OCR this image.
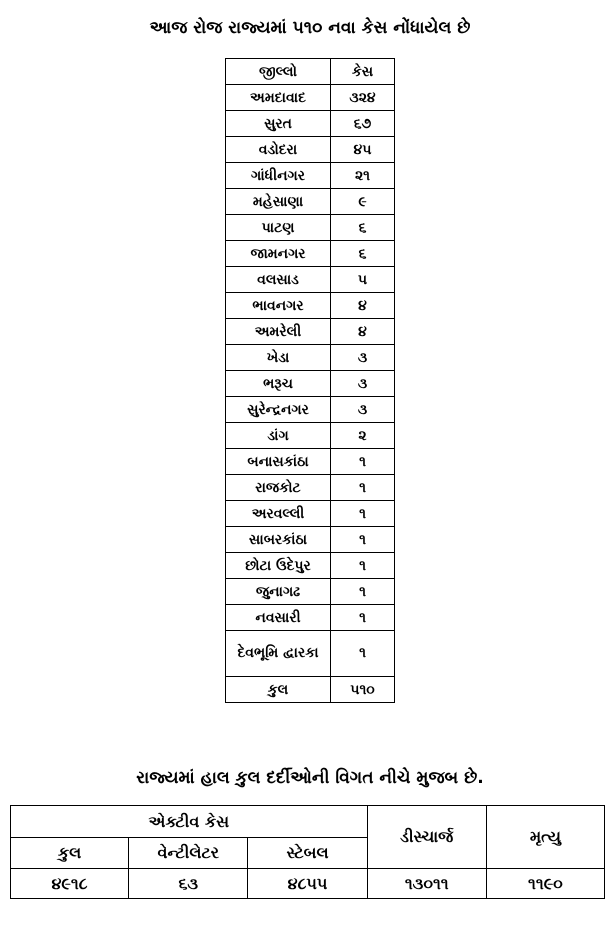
આજ રોજ રાજ્યમાં ૫૧૦ નવા કેસ નોંધાયેલ છે
જીલ્લો	કેસ
અમદાવાદ	૩૨૪
સુરત	૬૭
વડોદરા	૪૫
ગાંધીનગર	૨૧
મહેસાણા	૯
પાટણ	૬
જામનગર	૬
વલસાડ	૫
ભાવનગર	૪
અમરેલી	૪
ખેડા	૩
ભરૂચ	૩
સુરેન્દ્રનગર	૩
ડાંગ	૨
બનાસકાંઠા	૧
રાજકોટ	૧
અરવલ્લી	૧
સાબરકાંઠા	૧
છોટા ઉદેપુર	૧
જુનાગઢ	૧
નવસારી	૧
દેવભૂમિ દ્વારકા	૧
કુલ	૫૧૦
રાજ્યમાં હાલ કુલ દર્દીઓની વિગત નીચે મુજબ છે.
એક્ટીવ કેસ			ડીસ્ચાર્જ	મૃત્યુ
કુલ	વેન્ટીલેટર	સ્ટેબલ		
૪૯૧૮	૬૩	૪૮૫૫	૧૩૦૧૧	૧૧૯૦
